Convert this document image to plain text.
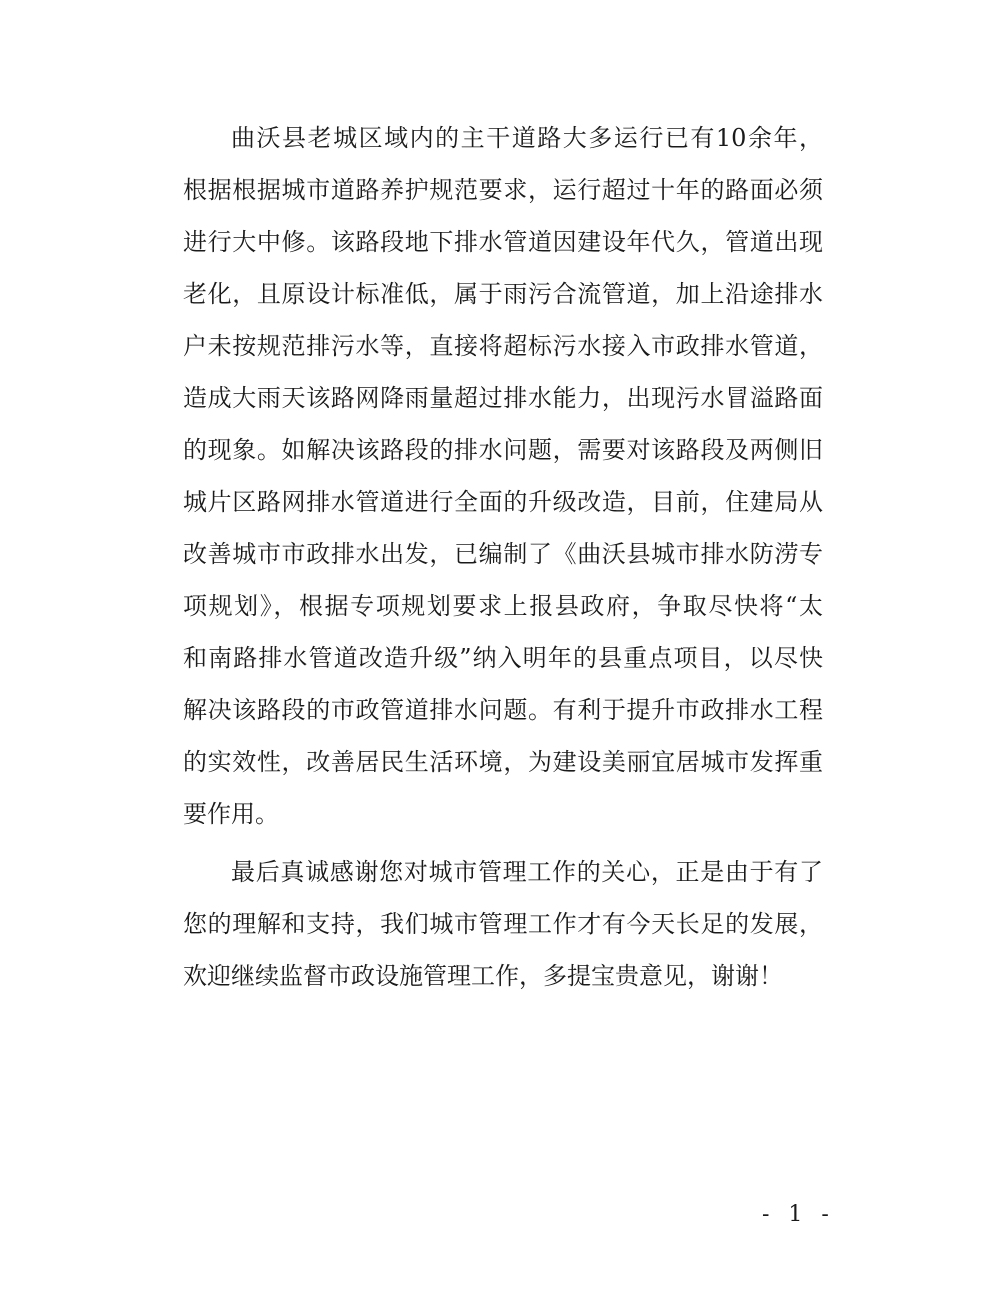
曲沃县老城区域内的主干道路大多运行已有10余年，
根据根据城市道路养护规范要求，运行超过十年的路面必须
进行大中修。该路段地下排水管道因建设年代久，管道出现
老化，且原设计标准低，属于雨污合流管道，加上沿途排水
户未按规范排污水等，直接将超标污水接入市政排水管道，
造成大雨天该路网降雨量超过排水能力，出现污水冒溢路面
的现象。如解决该路段的排水问题，需要对该路段及两侧旧
城片区路网排水管道进行全面的升级改造，目前，住建局从
改善城市市政排水出发，已编制了《曲沃县城市排水防涝专
项规划》，根据专项规划要求上报县政府，争取尽快将“太
和南路排水管道改造升级”纳入明年的县重点项目，以尽快
解决该路段的市政管道排水问题。有利于提升市政排水工程
的实效性，改善居民生活环境，为建设美丽宜居城市发挥重
要作用。
最后真诚感谢您对城市管理工作的关心，正是由于有了
您的理解和支持，我们城市管理工作才有今天长足的发展，
欢迎继续监督市政设施管理工作，多提宝贵意见，谢谢！
- 1 -
